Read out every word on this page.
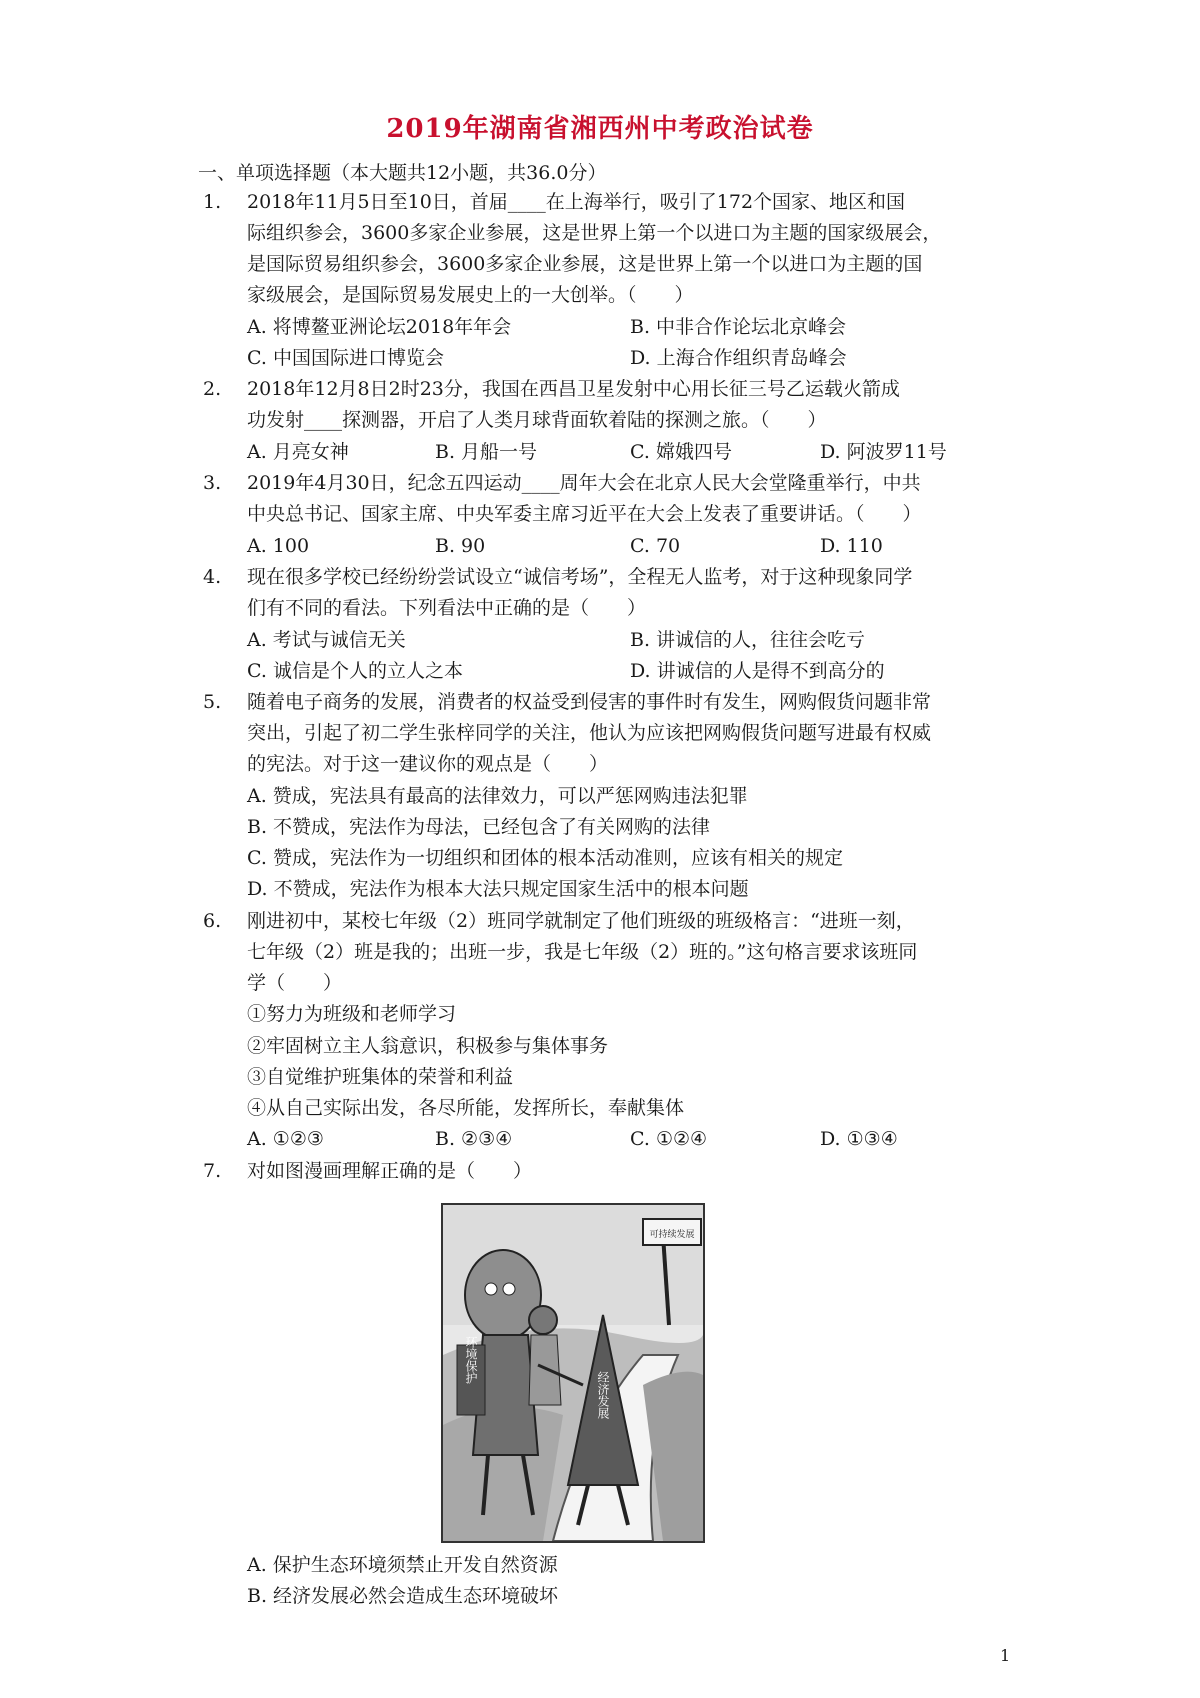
2019年湖南省湘西州中考政治试卷
一、单项选择题（本大题共12小题，共36.0分）
1. 2018年11月5日至10日，首届____在上海举行，吸引了172个国家、地区和国
际组织参会，3600多家企业参展，这是世界上第一个以进口为主题的国家级展会，
是国际贸易组织参会，3600多家企业参展，这是世界上第一个以进口为主题的国
家级展会，是国际贸易发展史上的一大创举。（　　）
A. 将博鳌亚洲论坛2018年年会	B. 中非合作论坛北京峰会
C. 中国国际进口博览会	D. 上海合作组织青岛峰会
2. 2018年12月8日2时23分，我国在西昌卫星发射中心用长征三号乙运载火箭成
功发射____探测器，开启了人类月球背面软着陆的探测之旅。（　　）
A. 月亮女神	B. 月船一号	C. 嫦娥四号	D. 阿波罗11号
3. 2019年4月30日，纪念五四运动____周年大会在北京人民大会堂隆重举行，中共
中央总书记、国家主席、中央军委主席习近平在大会上发表了重要讲话。（　　）
A. 100	B. 90	C. 70	D. 110
4. 现在很多学校已经纷纷尝试设立“诚信考场”，全程无人监考，对于这种现象同学
们有不同的看法。下列看法中正确的是（　　）
A. 考试与诚信无关	B. 讲诚信的人，往往会吃亏
C. 诚信是个人的立人之本	D. 讲诚信的人是得不到高分的
5. 随着电子商务的发展，消费者的权益受到侵害的事件时有发生，网购假货问题非常
突出，引起了初二学生张梓同学的关注，他认为应该把网购假货问题写进最有权威
的宪法。对于这一建议你的观点是（　　）
A. 赞成，宪法具有最高的法律效力，可以严惩网购违法犯罪
B. 不赞成，宪法作为母法，已经包含了有关网购的法律
C. 赞成，宪法作为一切组织和团体的根本活动准则，应该有相关的规定
D. 不赞成，宪法作为根本大法只规定国家生活中的根本问题
6. 刚进初中，某校七年级（2）班同学就制定了他们班级的班级格言：“进班一刻，
七年级（2）班是我的；出班一步，我是七年级（2）班的。”这句格言要求该班同
学（　　）
①努力为班级和老师学习
②牢固树立主人翁意识，积极参与集体事务
③自觉维护班集体的荣誉和利益
④从自己实际出发，各尽所能，发挥所长，奉献集体
A. ①②③	B. ②③④	C. ①②④	D. ①③④
7. 对如图漫画理解正确的是（　　）
可持续发展
环境保护
经济发展
A. 保护生态环境须禁止开发自然资源
B. 经济发展必然会造成生态环境破坏
1
